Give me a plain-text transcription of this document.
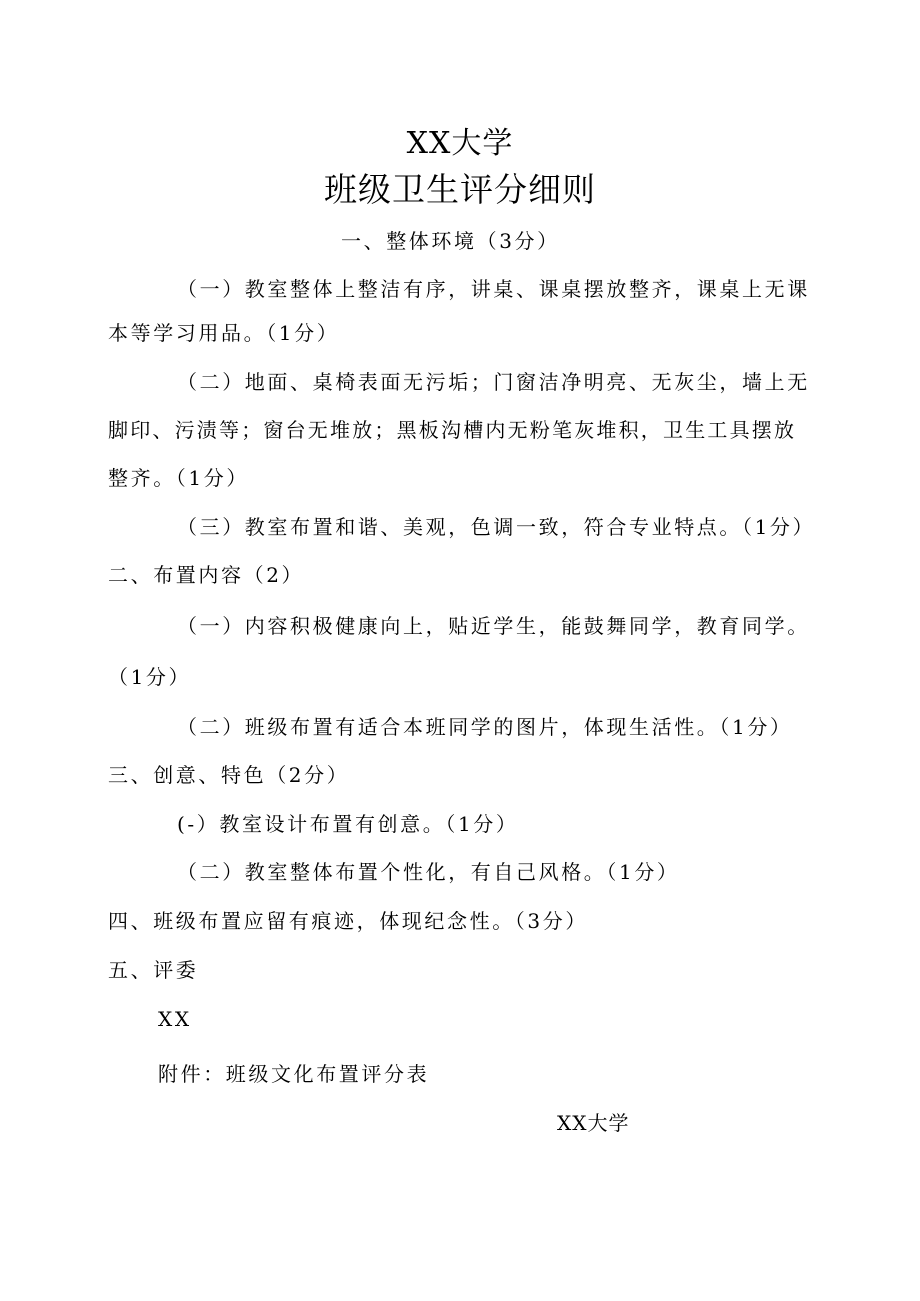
XX大学
班级卫生评分细则
一、整体环境（3分）
（一）教室整体上整洁有序，讲桌、课桌摆放整齐，课桌上无课
本等学习用品。（1分）
（二）地面、桌椅表面无污垢；门窗洁净明亮、无灰尘，墙上无
脚印、污渍等；窗台无堆放；黑板沟槽内无粉笔灰堆积，卫生工具摆放
整齐。（1分）
（三）教室布置和谐、美观，色调一致，符合专业特点。（1分）
二、布置内容（2）
（一）内容积极健康向上，贴近学生，能鼓舞同学，教育同学。
（1分）
（二）班级布置有适合本班同学的图片，体现生活性。（1分）
三、创意、特色（2分）
(-）教室设计布置有创意。（1分）
（二）教室整体布置个性化，有自己风格。（1分）
四、班级布置应留有痕迹，体现纪念性。（3分）
五、评委
XX
附件：班级文化布置评分表
XX大学
